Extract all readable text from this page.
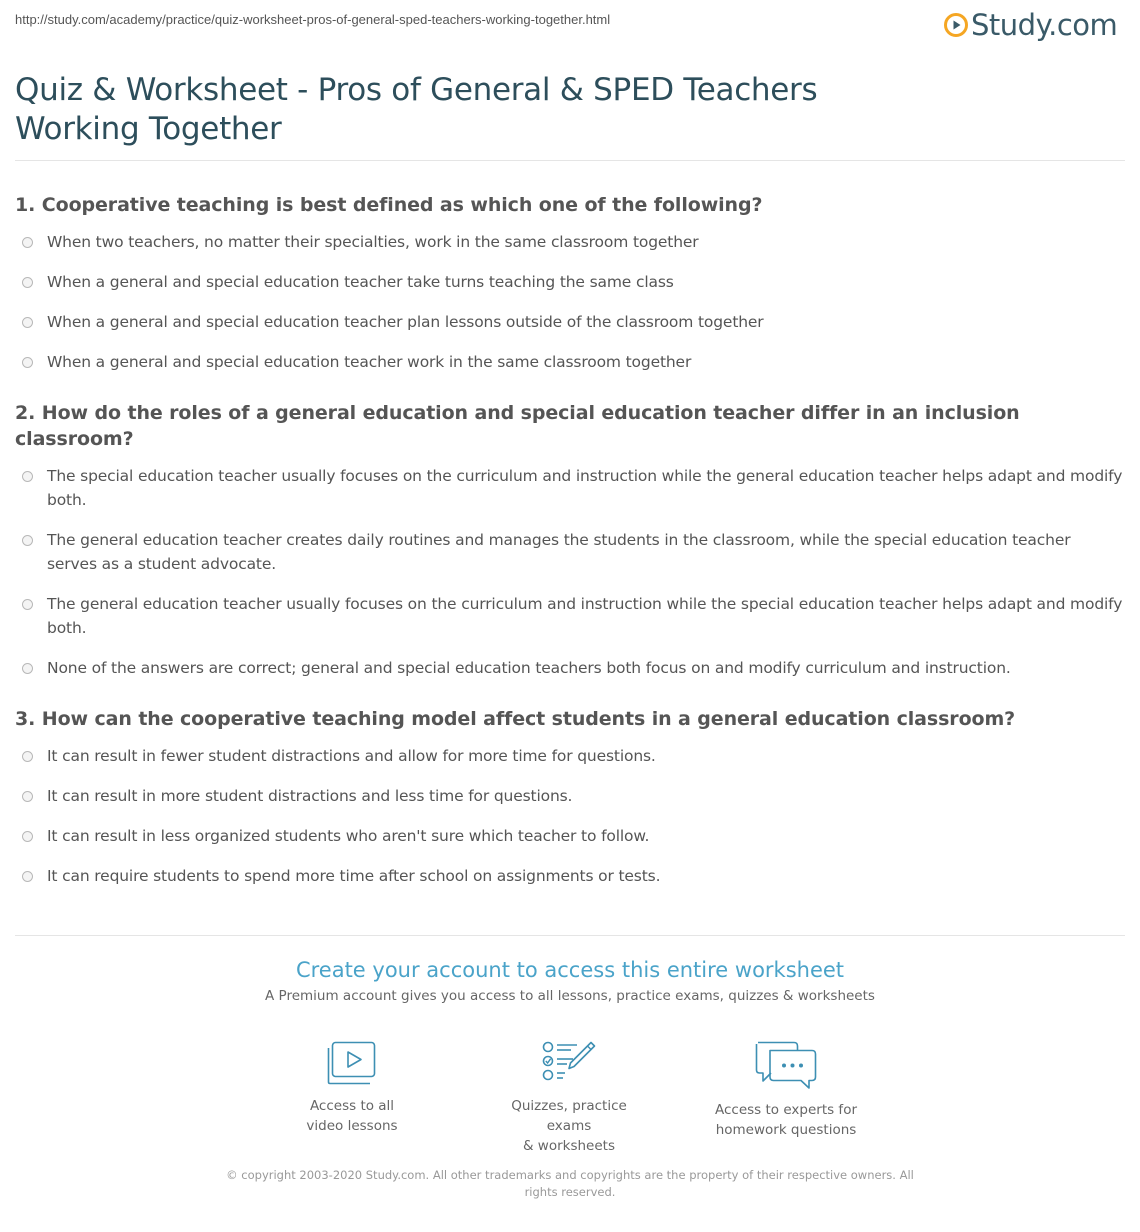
http://study.com/academy/practice/quiz-worksheet-pros-of-general-sped-teachers-working-together.html	Study.com
Quiz & Worksheet - Pros of General & SPED Teachers Working Together
1. Cooperative teaching is best defined as which one of the following?
When two teachers, no matter their specialties, work in the same classroom together
When a general and special education teacher take turns teaching the same class
When a general and special education teacher plan lessons outside of the classroom together
When a general and special education teacher work in the same classroom together
2. How do the roles of a general education and special education teacher differ in an inclusion classroom?
The special education teacher usually focuses on the curriculum and instruction while the general education teacher helps adapt and modify both.
The general education teacher creates daily routines and manages the students in the classroom, while the special education teacher serves as a student advocate.
The general education teacher usually focuses on the curriculum and instruction while the special education teacher helps adapt and modify both.
None of the answers are correct; general and special education teachers both focus on and modify curriculum and instruction.
3. How can the cooperative teaching model affect students in a general education classroom?
It can result in fewer student distractions and allow for more time for questions.
It can result in more student distractions and less time for questions.
It can result in less organized students who aren't sure which teacher to follow.
It can require students to spend more time after school on assignments or tests.
Create your account to access this entire worksheet
A Premium account gives you access to all lessons, practice exams, quizzes & worksheets
Access to all
video lessons
Quizzes, practice exams
& worksheets
Access to experts for
homework questions
© copyright 2003-2020 Study.com. All other trademarks and copyrights are the property of their respective owners. All rights reserved.
